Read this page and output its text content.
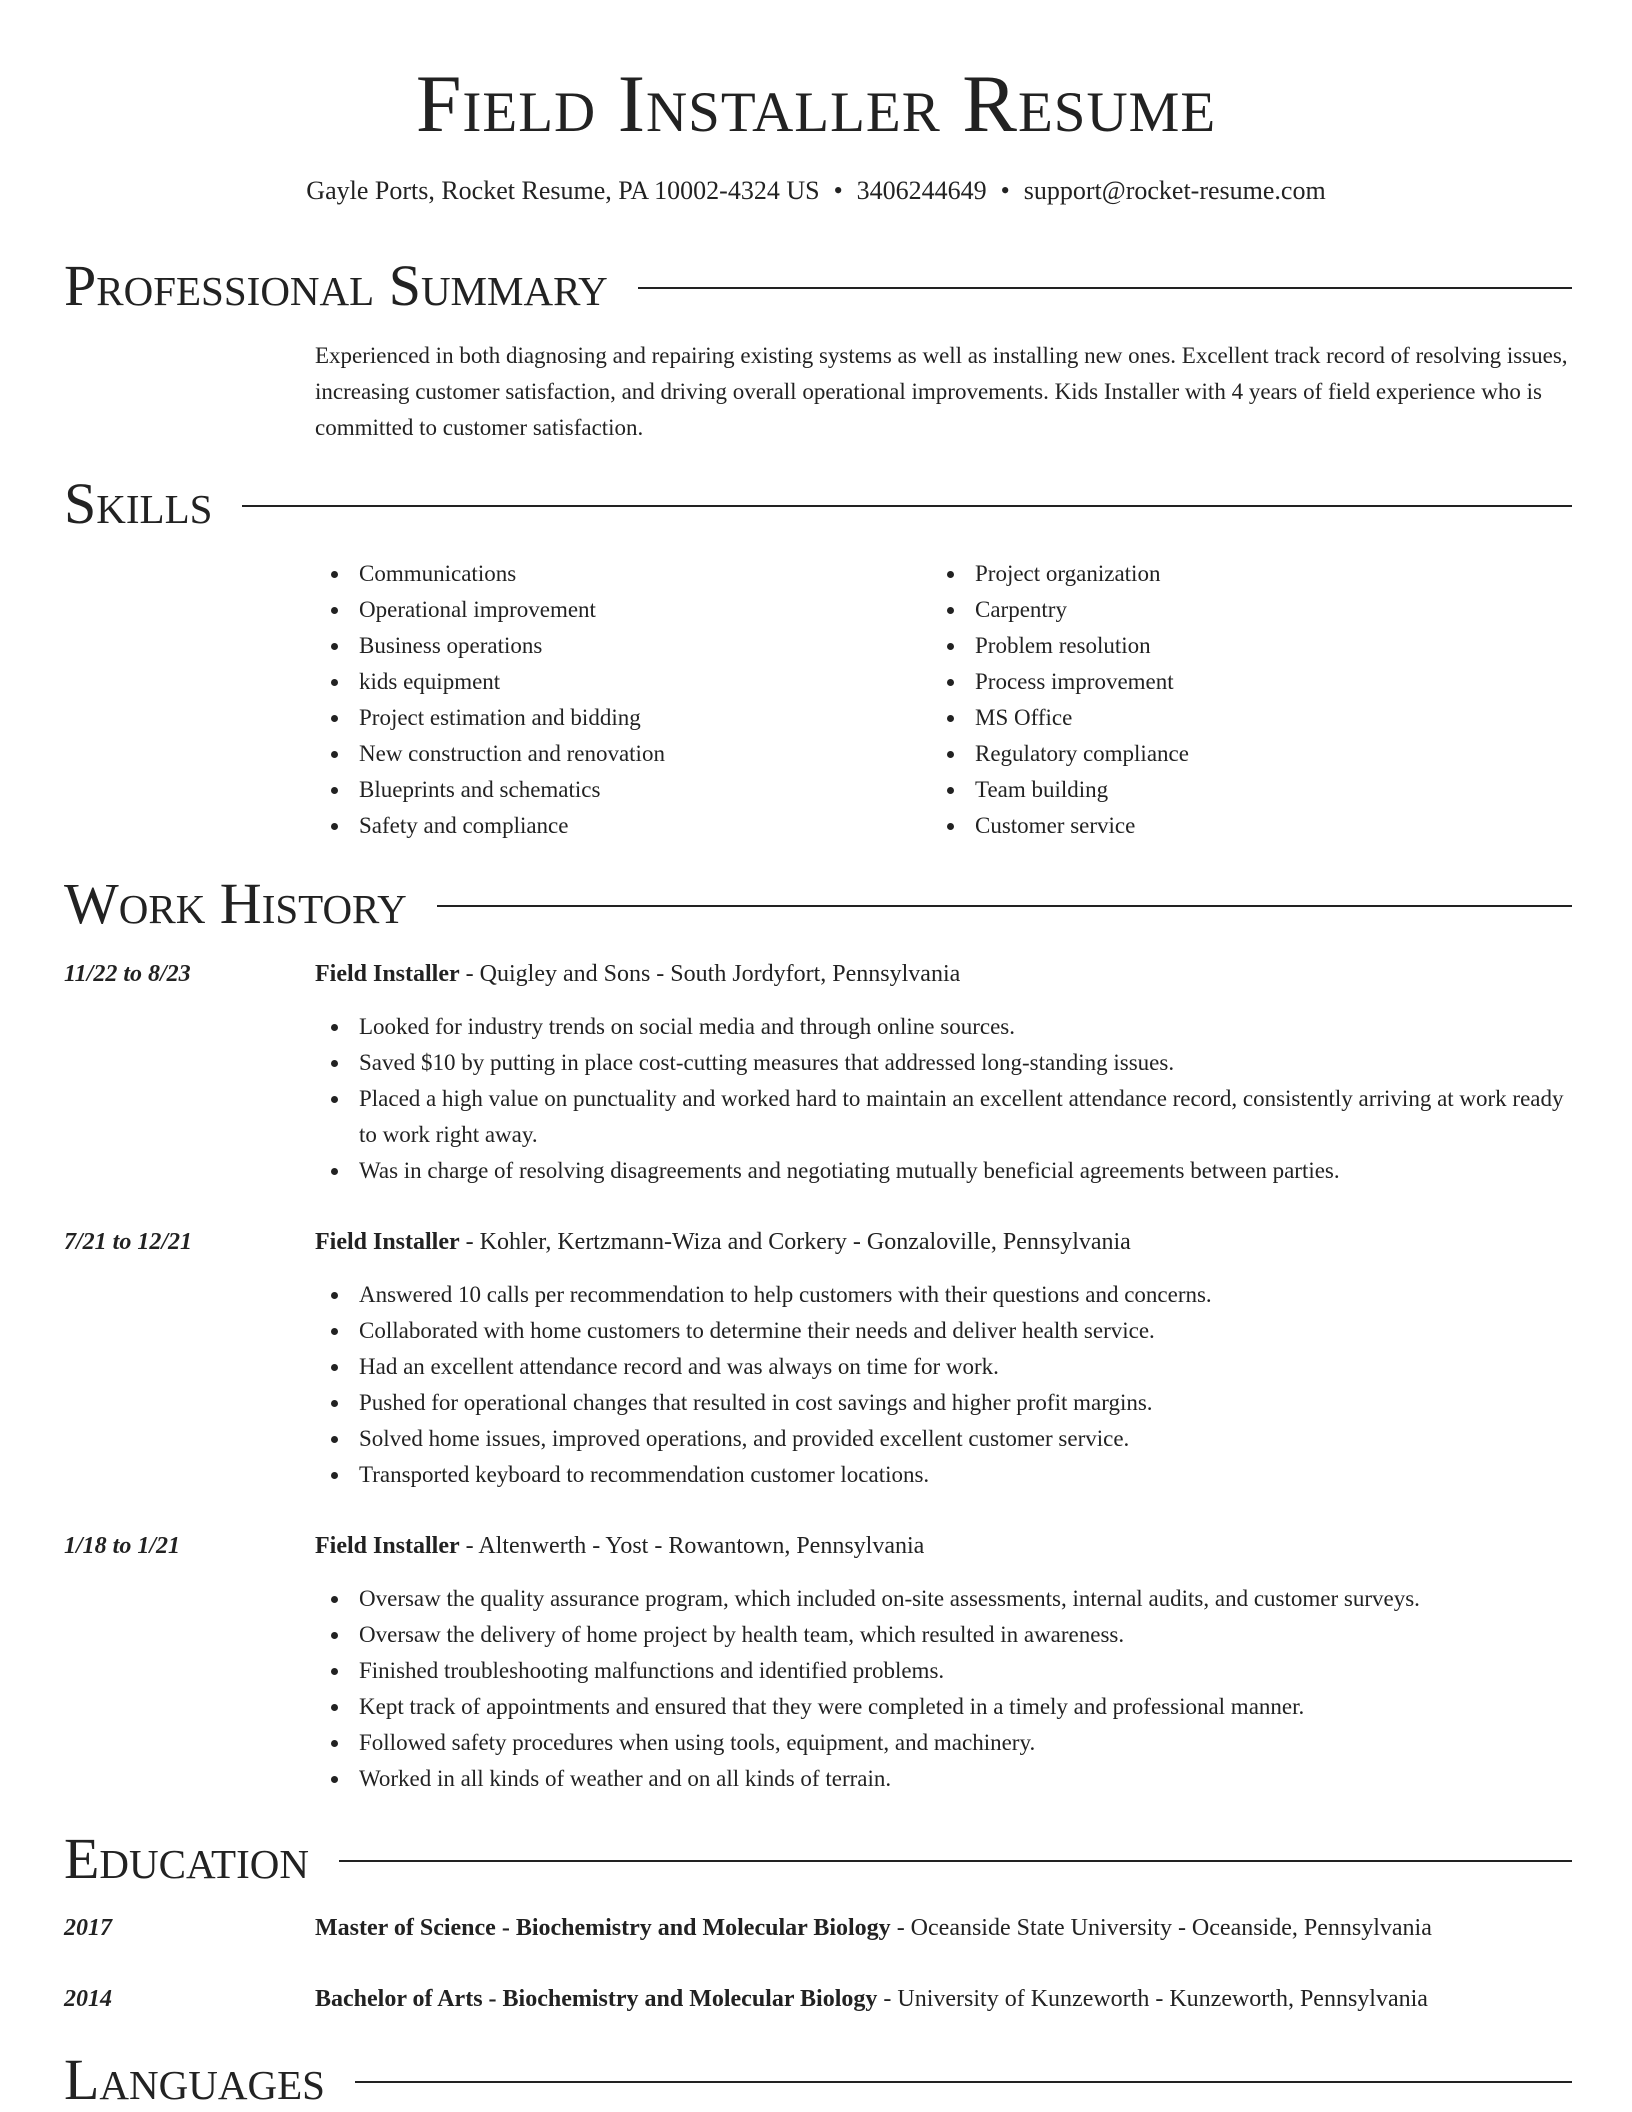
Field Installer Resume
Gayle Ports, Rocket Resume, PA 10002-4324 US • 3406244649 • support@rocket-resume.com
Professional Summary
Experienced in both diagnosing and repairing existing systems as well as installing new ones. Excellent track record of resolving issues, increasing customer satisfaction, and driving overall operational improvements. Kids Installer with 4 years of field experience who is committed to customer satisfaction.
Skills
Communications
Operational improvement
Business operations
kids equipment
Project estimation and bidding
New construction and renovation
Blueprints and schematics
Safety and compliance
Project organization
Carpentry
Problem resolution
Process improvement
MS Office
Regulatory compliance
Team building
Customer service
Work History
11/22 to 8/23	Field Installer - Quigley and Sons - South Jordyfort, Pennsylvania
Looked for industry trends on social media and through online sources.
Saved $10 by putting in place cost-cutting measures that addressed long-standing issues.
Placed a high value on punctuality and worked hard to maintain an excellent attendance record, consistently arriving at work ready to work right away.
Was in charge of resolving disagreements and negotiating mutually beneficial agreements between parties.
7/21 to 12/21	Field Installer - Kohler, Kertzmann-Wiza and Corkery - Gonzaloville, Pennsylvania
Answered 10 calls per recommendation to help customers with their questions and concerns.
Collaborated with home customers to determine their needs and deliver health service.
Had an excellent attendance record and was always on time for work.
Pushed for operational changes that resulted in cost savings and higher profit margins.
Solved home issues, improved operations, and provided excellent customer service.
Transported keyboard to recommendation customer locations.
1/18 to 1/21	Field Installer - Altenwerth - Yost - Rowantown, Pennsylvania
Oversaw the quality assurance program, which included on-site assessments, internal audits, and customer surveys.
Oversaw the delivery of home project by health team, which resulted in awareness.
Finished troubleshooting malfunctions and identified problems.
Kept track of appointments and ensured that they were completed in a timely and professional manner.
Followed safety procedures when using tools, equipment, and machinery.
Worked in all kinds of weather and on all kinds of terrain.
Education
2017	Master of Science - Biochemistry and Molecular Biology - Oceanside State University - Oceanside, Pennsylvania
2014	Bachelor of Arts - Biochemistry and Molecular Biology - University of Kunzeworth - Kunzeworth, Pennsylvania
Languages
